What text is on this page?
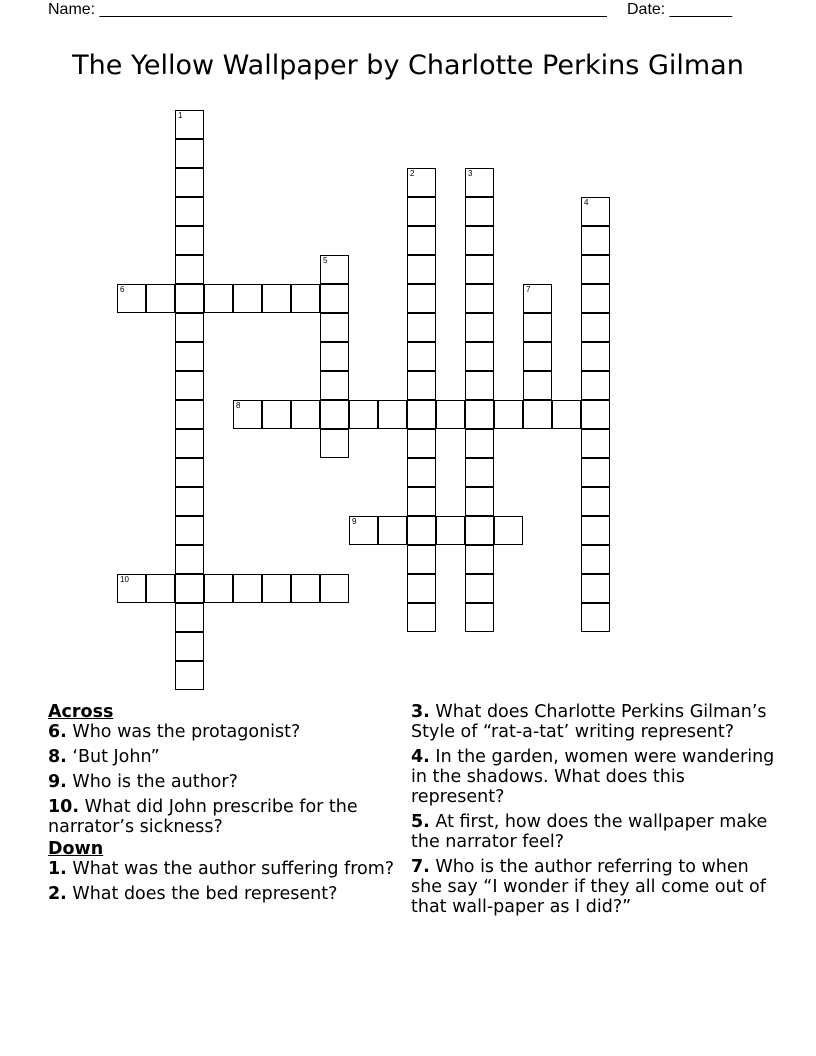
Name: _________________________________________________________ Date: _______
The Yellow Wallpaper by Charlotte Perkins Gilman
1
2	3
4
5
6	7
8
9
10

Across

6. Who was the protagonist?

8. ‘But John”

9. Who is the author?

10. What did John prescribe for the narrator’s sickness?

Down

1. What was the author suffering from?

2. What does the bed represent?

3. What does Charlotte Perkins Gilman’s Style of “rat-a-tat’ writing represent?

4. In the garden, women were wandering in the shadows. What does this represent?

5. At first, how does the wallpaper make the narrator feel?

7. Who is the author referring to when she say “I wonder if they all come out of that wall-paper as I did?”
